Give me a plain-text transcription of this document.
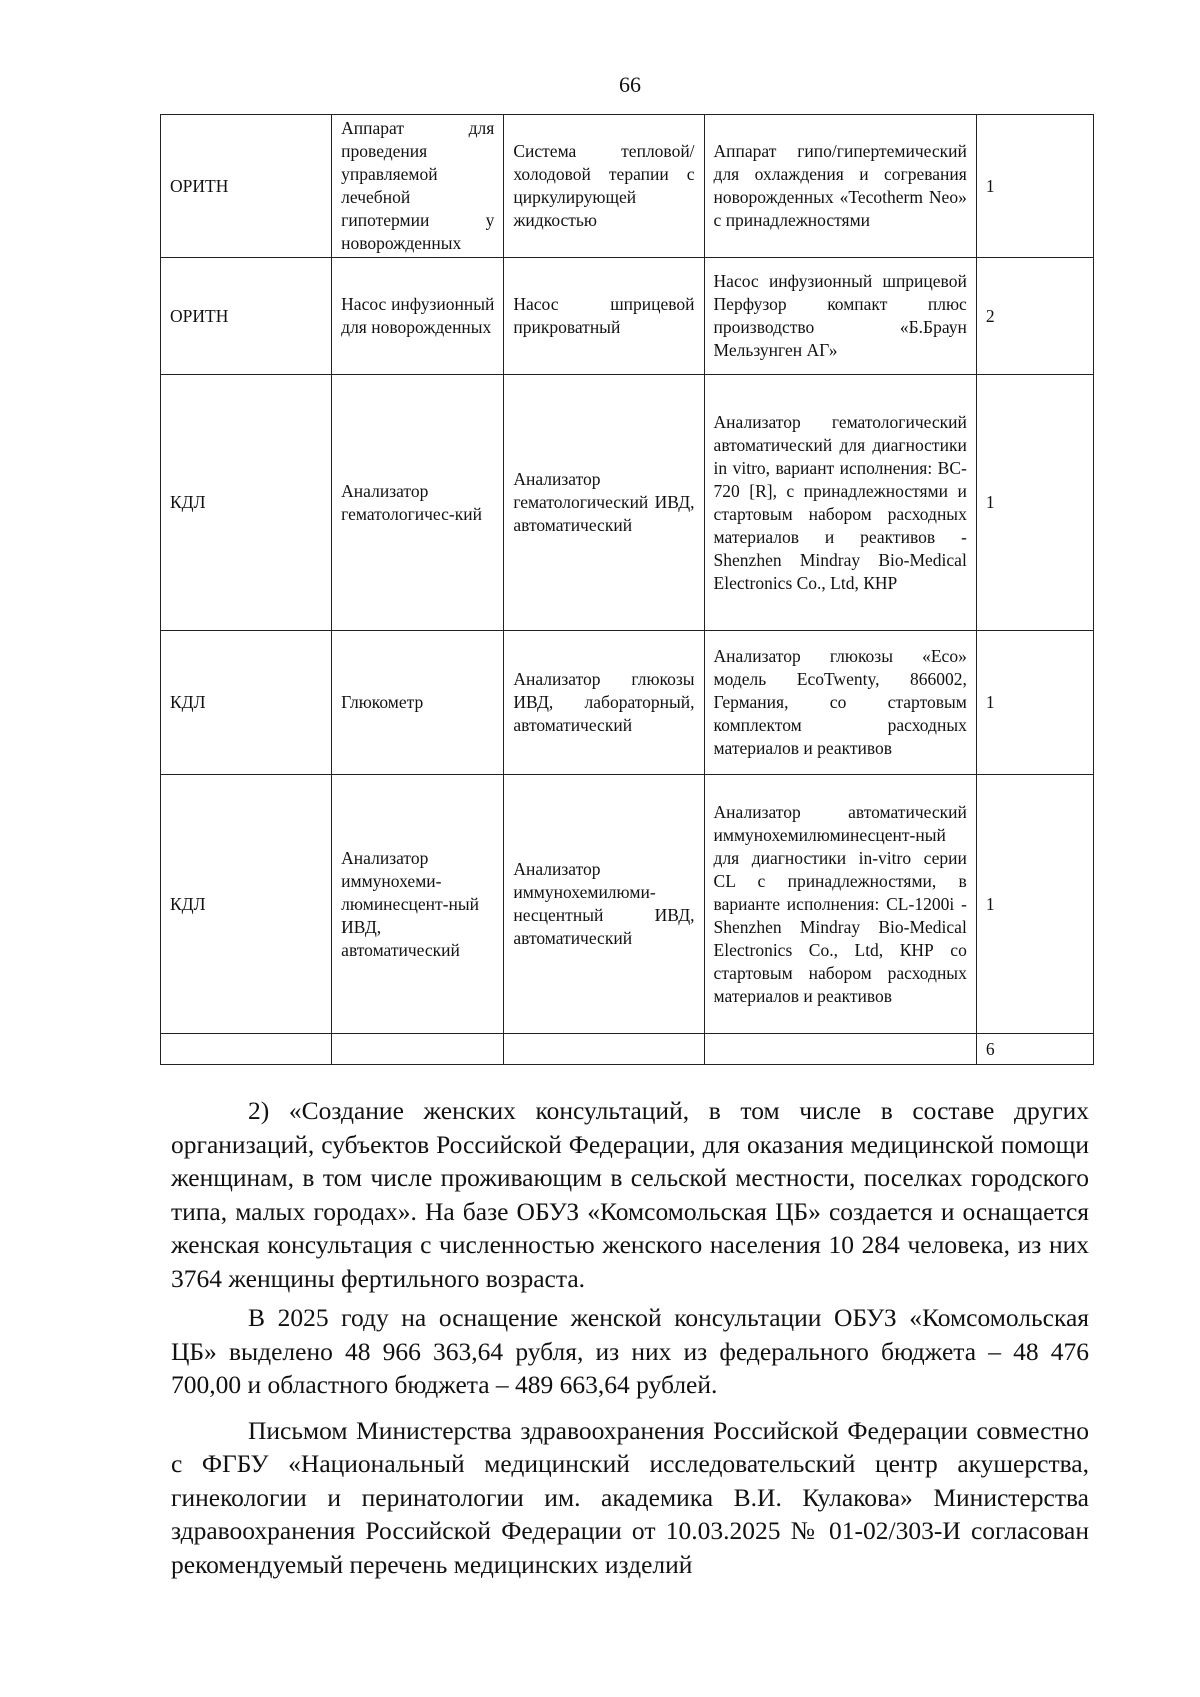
66
ОРИТН	Аппарат для проведения управляемой лечебной гипотермии у новорожденных	Система тепловой/холодовой терапии с циркулирующей жидкостью	Аппарат гипо/гипертемический для охлаждения и согревания новорожденных «Tecotherm Neo» с принадлежностями	1
ОРИТН	Насос инфузионный для новорожденных	Насос шприцевой прикроватный	Насос инфузионный шприцевой Перфузор компакт плюс производство «Б.Браун Мельзунген АГ»	2
КДЛ	Анализатор гематологичес-кий	Анализатор гематологический ИВД, автоматический	Анализатор гематологический автоматический для диагностики in vitro, вариант исполнения: BC-720 [R], с принадлежностями и стартовым набором расходных материалов и реактивов - Shenzhen Mindray Bio-Medical Electronics Co., Ltd, КНР	1
КДЛ	Глюкометр	Анализатор глюкозы ИВД, лабораторный, автоматический	Анализатор глюкозы «Eco» модель EcoTwenty, 866002, Германия, со стартовым комплектом расходных материалов и реактивов	1
КДЛ	Анализатор иммунохеми-люминесцент-ный ИВД, автоматический	Анализатор иммунохемилюми-несцентный ИВД, автоматический	Анализатор автоматический иммунохемилюминесцент-ный для диагностики in-vitro серии CL с принадлежностями, в варианте исполнения: CL-1200i - Shenzhen Mindray Bio-Medical Electronics Co., Ltd, КНР со стартовым набором расходных материалов и реактивов	1
				6

2) «Создание женских консультаций, в том числе в составе других организаций, субъектов Российской Федерации, для оказания медицинской помощи женщинам, в том числе проживающим в сельской местности, поселках городского типа, малых городах». На базе ОБУЗ «Комсомольская ЦБ» создается и оснащается женская консультация с численностью женского населения 10 284 человека, из них 3764 женщины фертильного возраста.

В 2025 году на оснащение женской консультации ОБУЗ «Комсомольская ЦБ» выделено 48 966 363,64 рубля, из них из федерального бюджета – 48 476 700,00 и областного бюджета – 489 663,64 рублей.

Письмом Министерства здравоохранения Российской Федерации совместно с ФГБУ «Национальный медицинский исследовательский центр акушерства, гинекологии и перинатологии им. академика В.И. Кулакова» Министерства здравоохранения Российской Федерации от 10.03.2025 № 01-02/303-И согласован рекомендуемый перечень медицинских изделий
